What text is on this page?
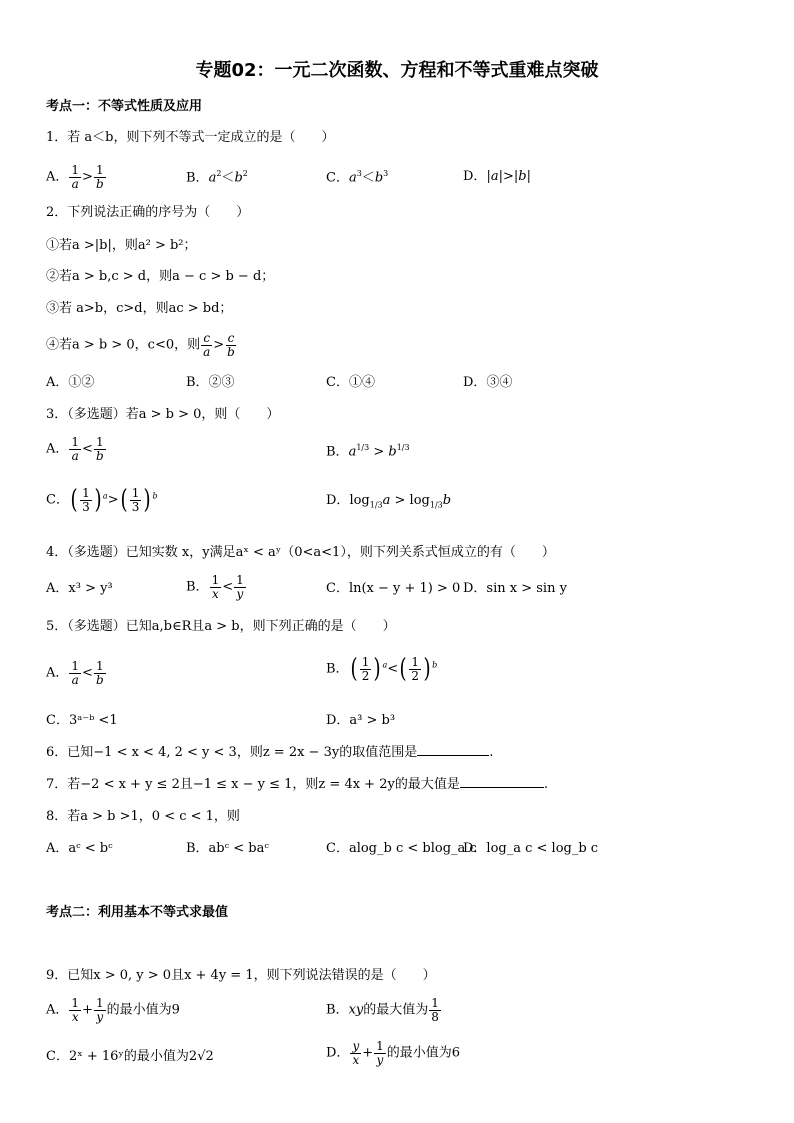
专题02：一元二次函数、方程和不等式重难点突破
考点一：不等式性质及应用
1．若 a＜b，则下列不等式一定成立的是（　　）
A． $\frac{1}{a} > \frac{1}{b}$	B．$a^2<b^2$	C．$a^3<b^3$	D．|a|>|b|
2．下列说法正确的序号为（　　）
①若a >|b|，则a² > b²；
②若a > b,c > d，则a − c > b − d；
③若 a>b，c>d，则ac > bd；
④若a > b > 0，c<0，则 $\frac{c}{a} > \frac{c}{b}$
A．①②	B．②③	C．①④	D．③④
3．（多选题）若a > b > 0，则（　　）
A． $\frac{1}{a} < \frac{1}{b}$	B．$a^{1/3} > b^{1/3}$
C．( $\frac{1}{3}$ ) $^a>( \frac{1}{3}$ ) $^b$	D．$\log_{1/3}a > \log_{1/3}b$
4．（多选题）已知实数 x，y满足aˣ < aʸ（0<a<1），则下列关系式恒成立的有（　　）
A．x³ > y³	B． $\frac{1}{x} < \frac{1}{y}$	C．ln(x − y + 1) > 0 D．sin x > sin y
5．（多选题）已知a,b∈R且a > b，则下列正确的是（　　）
A． $\frac{1}{a} < \frac{1}{b}$	B．( $\frac{1}{2}$ ) $^a<( \frac{1}{2}$ ) $^b$
C．3ᵃ⁻ᵇ <1	D．a³ > b³
6．已知−1 < x < 4, 2 < y < 3，则z = 2x − 3y的取值范围是	.
7．若−2 < x + y ≤ 2且−1 ≤ x − y ≤ 1，则z = 4x + 2y的最大值是	.
8．若a > b >1，0 < c < 1，则
A．aᶜ < bᶜ	B．abᶜ < baᶜ	C．alog_b c < blog_a c
D．log_a c < log_b c
考点二：利用基本不等式求最值
9．已知x > 0, y > 0且x + 4y = 1，则下列说法错误的是（　　）
A． $\frac{1}{x} + \frac{1}{y}$ 的最小值为9	B．xy的最大值为 $\frac{1}{8}$
C．2ˣ + 16ʸ的最小值为2√2	D． $\frac{y}{x} + \frac{1}{y}$ 的最小值为6
